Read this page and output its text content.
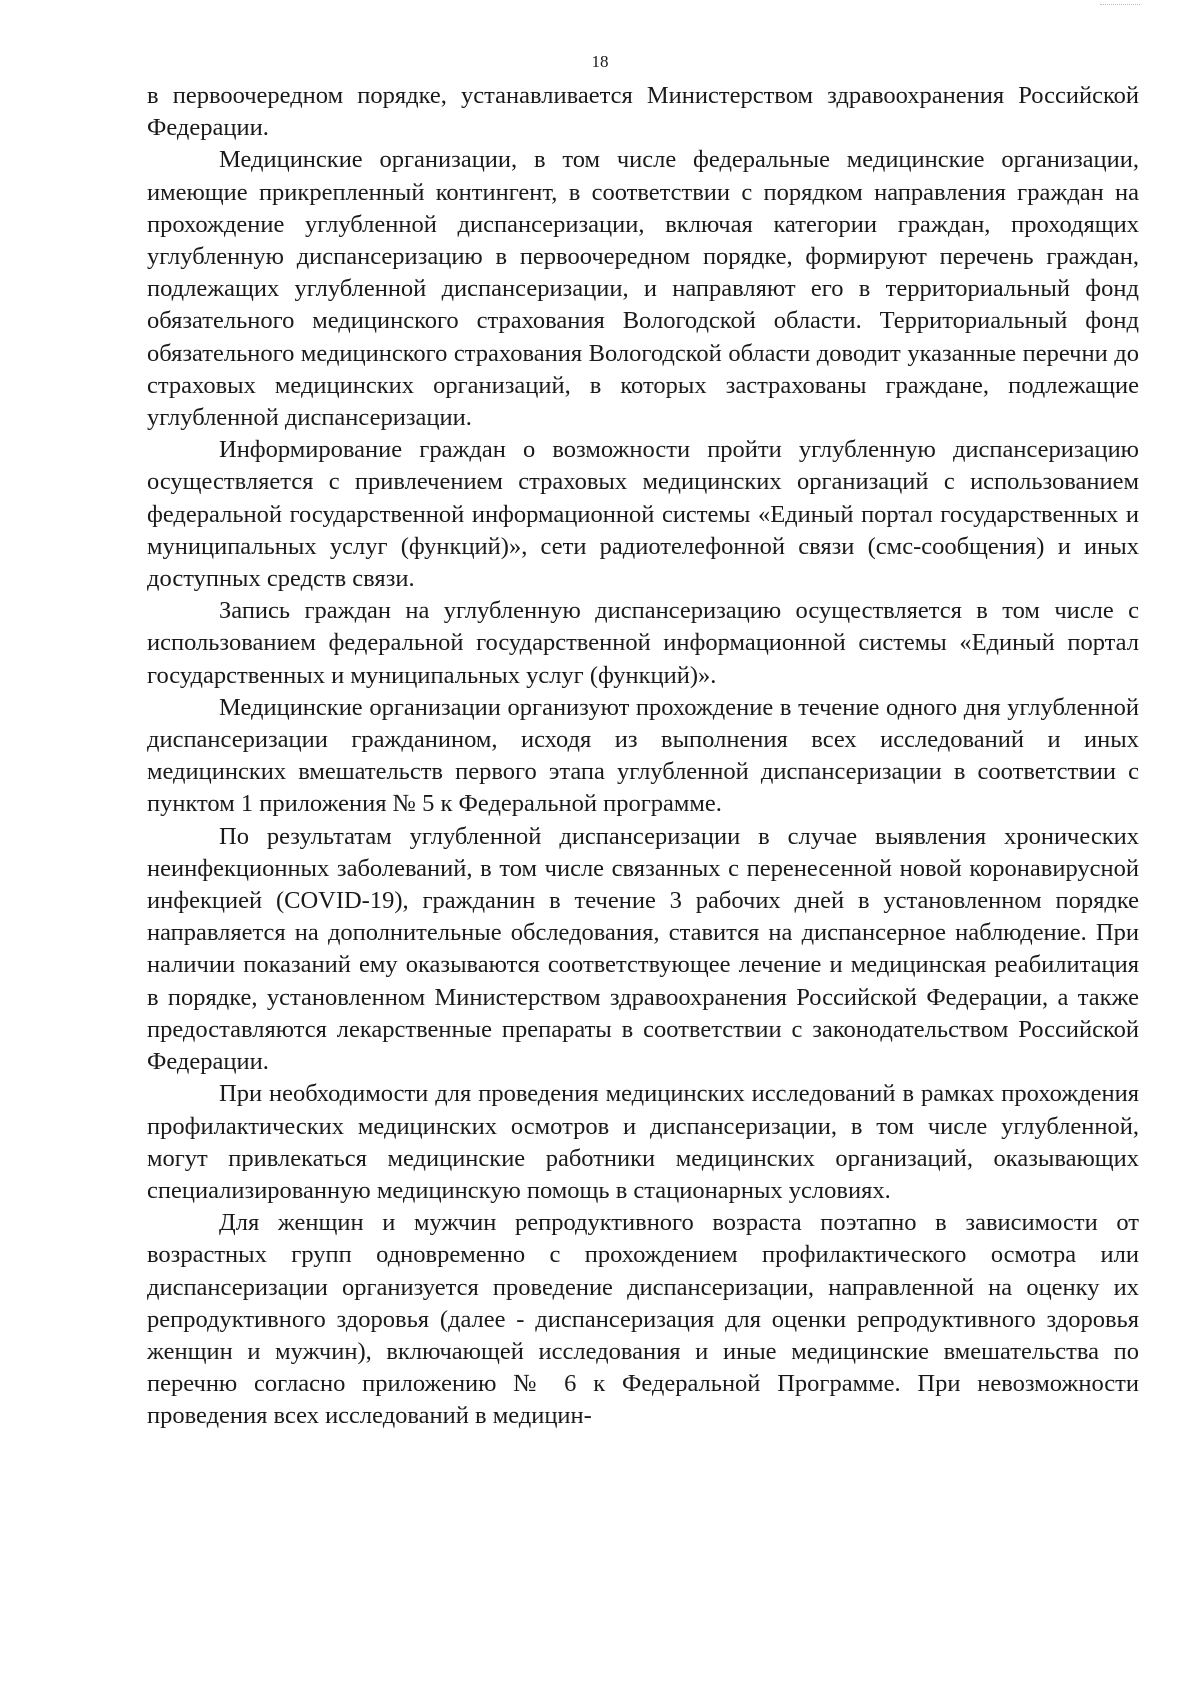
18

в первоочередном порядке, устанавливается Министерством здравоохранения Российской Федерации.

Медицинские организации, в том числе федеральные медицинские организации, имеющие прикрепленный контингент, в соответствии с порядком направления граждан на прохождение углубленной диспансеризации, включая категории граждан, проходящих углубленную диспансеризацию в первоочередном порядке, формируют перечень граждан, подлежащих углубленной диспансеризации, и направляют его в территориальный фонд обязательного медицинского страхования Вологодской области. Территориальный фонд обязательного медицинского страхования Вологодской области доводит указанные перечни до страховых медицинских организаций, в которых застрахованы граждане, подлежащие углубленной диспансеризации.

Информирование граждан о возможности пройти углубленную диспансеризацию осуществляется с привлечением страховых медицинских организаций с использованием федеральной государственной информационной системы «Единый портал государственных и муниципальных услуг (функций)», сети радиотелефонной связи (смс-сообщения) и иных доступных средств связи.

Запись граждан на углубленную диспансеризацию осуществляется в том числе с использованием федеральной государственной информационной системы «Единый портал государственных и муниципальных услуг (функций)».

Медицинские организации организуют прохождение в течение одного дня углубленной диспансеризации гражданином, исходя из выполнения всех исследований и иных медицинских вмешательств первого этапа углубленной диспансеризации в соответствии с пунктом 1 приложения № 5 к Федеральной программе.

По результатам углубленной диспансеризации в случае выявления хронических неинфекционных заболеваний, в том числе связанных с перенесенной новой коронавирусной инфекцией (COVID-19), гражданин в течение 3 рабочих дней в установленном порядке направляется на дополнительные обследования, ставится на диспансерное наблюдение. При наличии показаний ему оказываются соответствующее лечение и медицинская реабилитация в порядке, установленном Министерством здравоохранения Российской Федерации, а также предоставляются лекарственные препараты в соответствии с законодательством Российской Федерации.

При необходимости для проведения медицинских исследований в рамках прохождения профилактических медицинских осмотров и диспансеризации, в том числе углубленной, могут привлекаться медицинские работники медицинских организаций, оказывающих специализированную медицинскую помощь в стационарных условиях.

Для женщин и мужчин репродуктивного возраста поэтапно в зависимости от возрастных групп одновременно с прохождением профилактического осмотра или диспансеризации организуется проведение диспансеризации, направленной на оценку их репродуктивного здоровья (далее - диспансеризация для оценки репродуктивного здоровья женщин и мужчин), включающей исследования и иные медицинские вмешательства по перечню согласно приложению № 6 к Федеральной Программе. При невозможности проведения всех исследований в медицин-
